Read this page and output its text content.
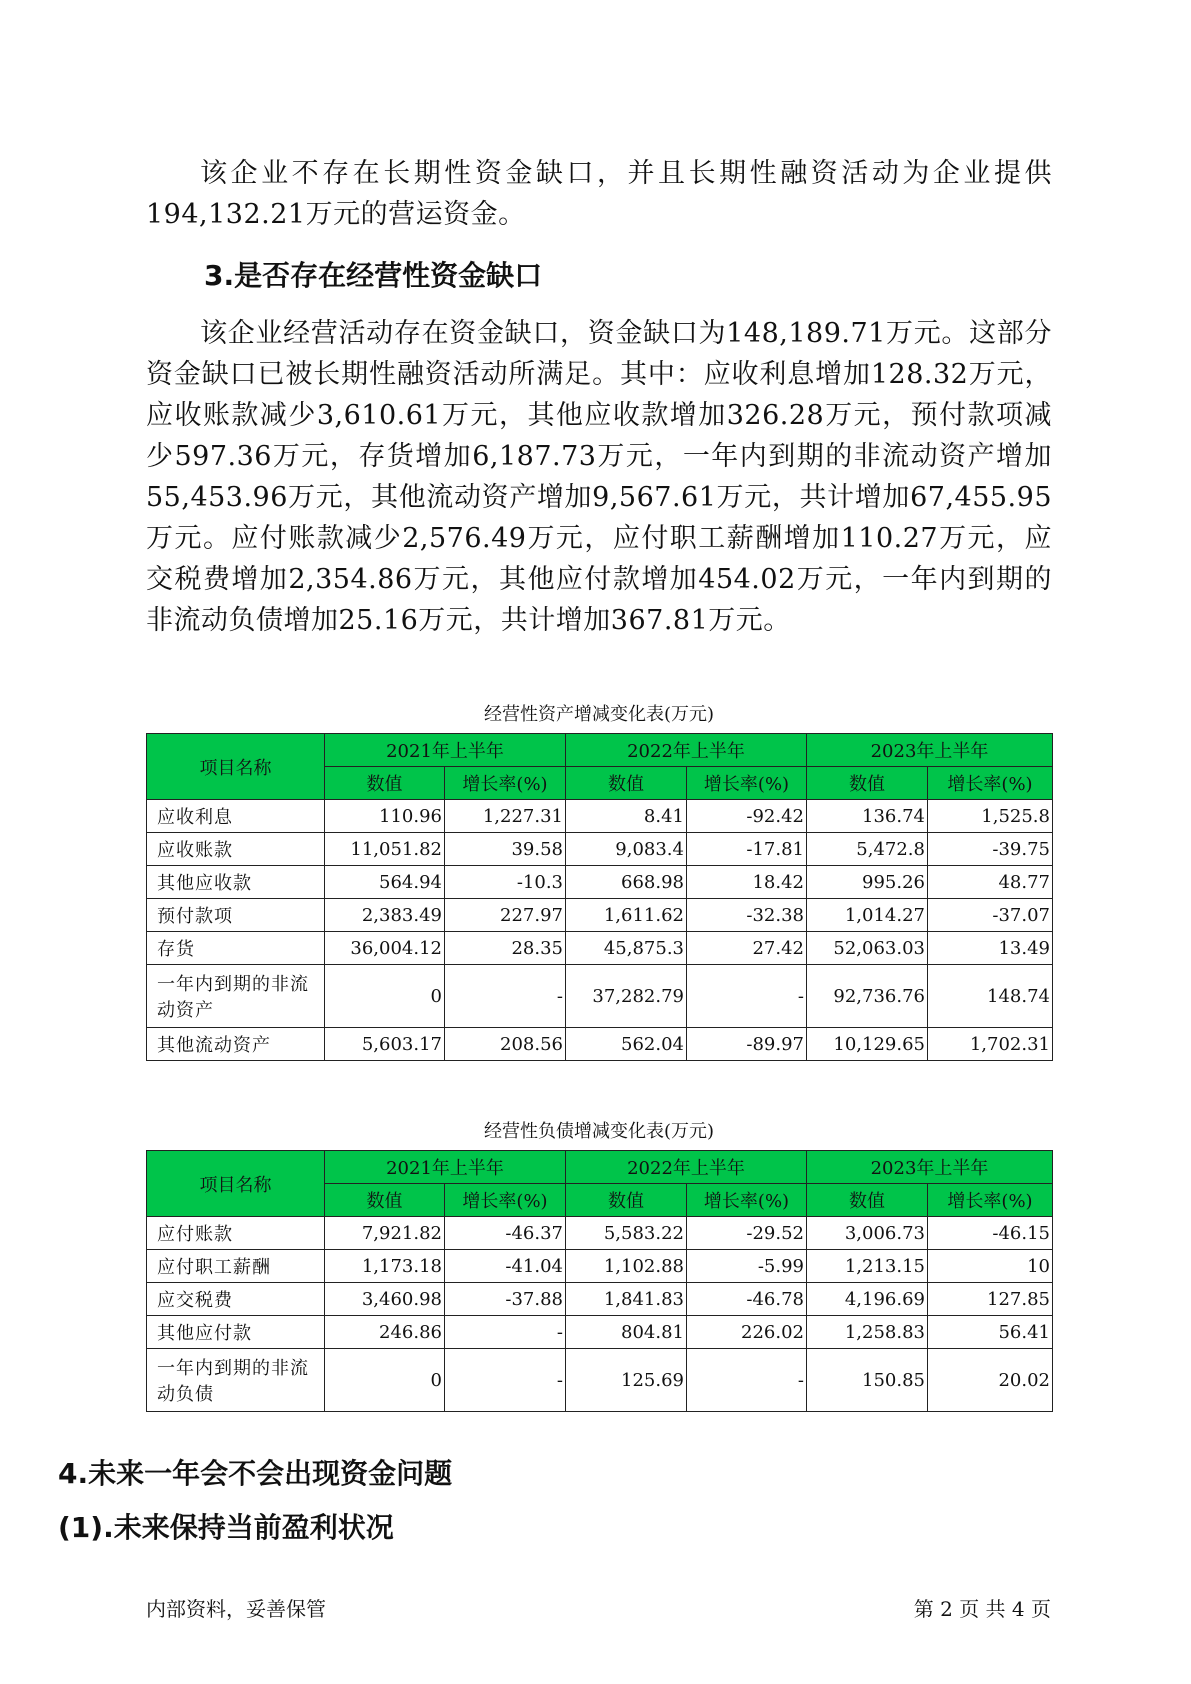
该企业不存在长期性资金缺口，并且长期性融资活动为企业提供194,132.21万元的营运资金。

3.是否存在经营性资金缺口

该企业经营活动存在资金缺口，资金缺口为148,189.71万元。这部分资金缺口已被长期性融资活动所满足。其中：应收利息增加128.32万元，应收账款减少3,610.61万元，其他应收款增加326.28万元，预付款项减少597.36万元，存货增加6,187.73万元，一年内到期的非流动资产增加55,453.96万元，其他流动资产增加9,567.61万元，共计增加67,455.95万元。应付账款减少2,576.49万元，应付职工薪酬增加110.27万元，应交税费增加2,354.86万元，其他应付款增加454.02万元，一年内到期的非流动负债增加25.16万元，共计增加367.81万元。

经营性资产增减变化表(万元)
项目名称	2021年上半年		2022年上半年		2023年上半年	
	数值	增长率(%)	数值	增长率(%)	数值	增长率(%)
应收利息	110.96	1,227.31	8.41	-92.42	136.74	1,525.8
应收账款	11,051.82	39.58	9,083.4	-17.81	5,472.8	-39.75
其他应收款	564.94	-10.3	668.98	18.42	995.26	48.77
预付款项	2,383.49	227.97	1,611.62	-32.38	1,014.27	-37.07
存货	36,004.12	28.35	45,875.3	27.42	52,063.03	13.49
一年内到期的非流动资产	0	-	37,282.79	-	92,736.76	148.74
其他流动资产	5,603.17	208.56	562.04	-89.97	10,129.65	1,702.31
经营性负债增减变化表(万元)
项目名称	2021年上半年		2022年上半年		2023年上半年	
	数值	增长率(%)	数值	增长率(%)	数值	增长率(%)
应付账款	7,921.82	-46.37	5,583.22	-29.52	3,006.73	-46.15
应付职工薪酬	1,173.18	-41.04	1,102.88	-5.99	1,213.15	10
应交税费	3,460.98	-37.88	1,841.83	-46.78	4,196.69	127.85
其他应付款	246.86	-	804.81	226.02	1,258.83	56.41
一年内到期的非流动负债	0	-	125.69	-	150.85	20.02
4.未来一年会不会出现资金问题
(1).未来保持当前盈利状况
内部资料，妥善保管	第 2 页 共 4 页
